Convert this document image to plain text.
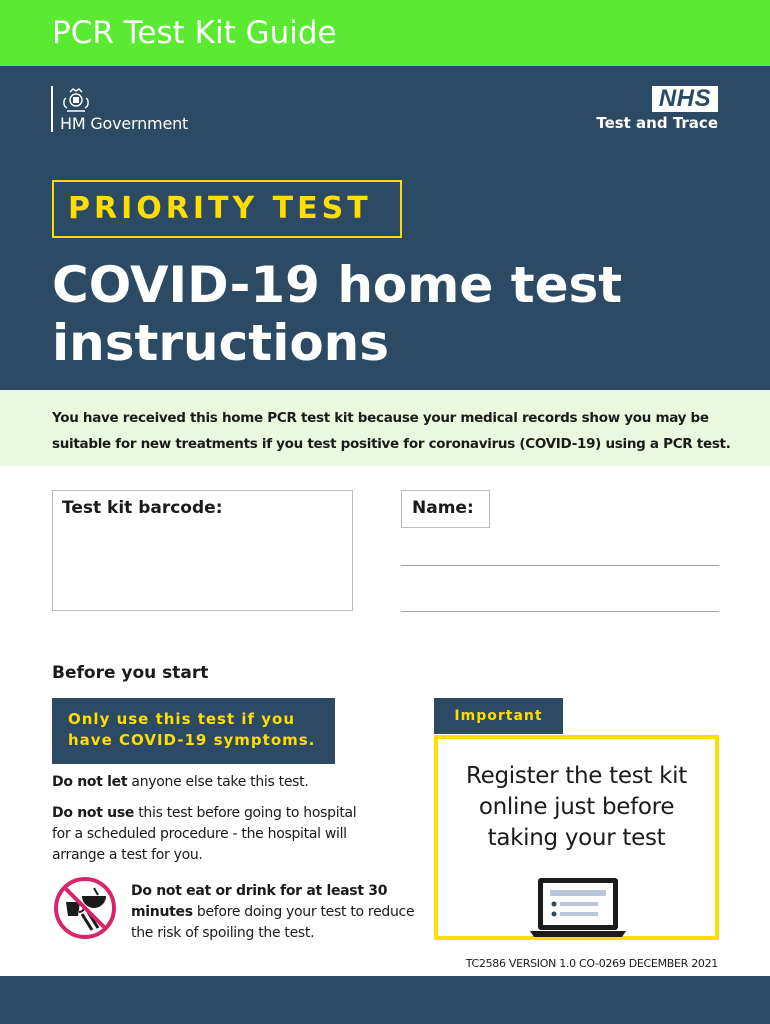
PCR Test Kit Guide
HM Government
NHS
Test and Trace
PRIORITY TEST
COVID-19 home test instructions
You have received this home PCR test kit because your medical records show you may be suitable for new treatments if you test positive for coronavirus (COVID-19) using a PCR test.
Test kit barcode:	Name:
Before you start
Only use this test if you have COVID-19 symptoms.
Do not let anyone else take this test.
Do not use this test before going to hospital for a scheduled procedure - the hospital will arrange a test for you.
Do not eat or drink for at least 30 minutes before doing your test to reduce the risk of spoiling the test.
Important
Register the test kit online just before taking your test
TC2586 VERSION 1.0 CO-0269 DECEMBER 2021
